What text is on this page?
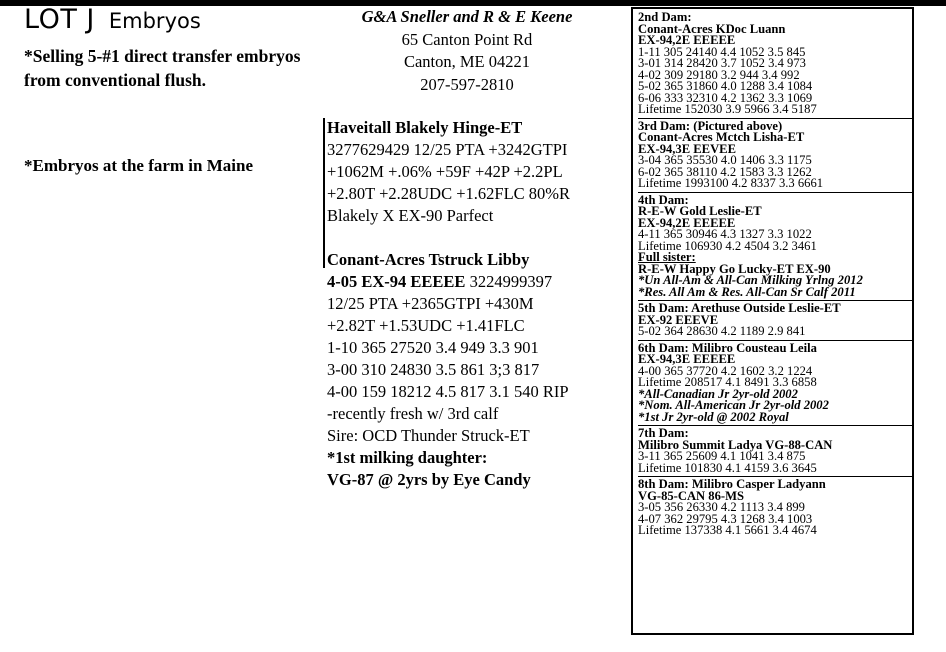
LOT J Embryos
*Selling 5-#1 direct transfer embryos from conventional flush.
*Embryos at the farm in Maine
G&A Sneller and R & E Keene
65 Canton Point Rd
Canton, ME 04221
207-597-2810
Haveitall Blakely Hinge-ET
3277629429 12/25 PTA +3242GTPI
+1062M +.06% +59F +42P +2.2PL
+2.80T +2.28UDC +1.62FLC 80%R
Blakely X EX-90 Parfect
Conant-Acres Tstruck Libby
4-05 EX-94 EEEEE 3224999397
12/25 PTA +2365GTPI +430M
+2.82T +1.53UDC +1.41FLC
1-10 365 27520 3.4 949 3.3 901
3-00 310 24830 3.5 861 3;3 817
4-00 159 18212 4.5 817 3.1 540 RIP
-recently fresh w/ 3rd calf
Sire: OCD Thunder Struck-ET
*1st milking daughter:
VG-87 @ 2yrs by Eye Candy
2nd Dam:
Conant-Acres KDoc Luann
EX-94,2E EEEEE
1-11 305 24140 4.4 1052 3.5 845
3-01 314 28420 3.7 1052 3.4 973
4-02 309 29180 3.2 944 3.4 992
5-02 365 31860 4.0 1288 3.4 1084
6-06 333 32310 4.2 1362 3.3 1069
Lifetime 152030 3.9 5966 3.4 5187
3rd Dam: (Pictured above)
Conant-Acres Mctch Lisha-ET
EX-94,3E EEVEE
3-04 365 35530 4.0 1406 3.3 1175
6-02 365 38110 4.2 1583 3.3 1262
Lifetime 1993100 4.2 8337 3.3 6661
4th Dam:
R-E-W Gold Leslie-ET
EX-94,2E EEEEE
4-11 365 30946 4.3 1327 3.3 1022
Lifetime 106930 4.2 4504 3.2 3461
Full sister:
R-E-W Happy Go Lucky-ET EX-90
*Un All-Am & All-Can Milking Yrlng 2012
*Res. All Am & Res. All-Can Sr Calf 2011
5th Dam: Arethuse Outside Leslie-ET
EX-92 EEEVE
5-02 364 28630 4.2 1189 2.9 841
6th Dam: Milibro Cousteau Leila
EX-94,3E EEEEE
4-00 365 37720 4.2 1602 3.2 1224
Lifetime 208517 4.1 8491 3.3 6858
*All-Canadian Jr 2yr-old 2002
*Nom. All-American Jr 2yr-old 2002
*1st Jr 2yr-old @ 2002 Royal
7th Dam:
Milibro Summit Ladya VG-88-CAN
3-11 365 25609 4.1 1041 3.4 875
Lifetime 101830 4.1 4159 3.6 3645
8th Dam: Milibro Casper Ladyann
VG-85-CAN 86-MS
3-05 356 26330 4.2 1113 3.4 899
4-07 362 29795 4.3 1268 3.4 1003
Lifetime 137338 4.1 5661 3.4 4674
